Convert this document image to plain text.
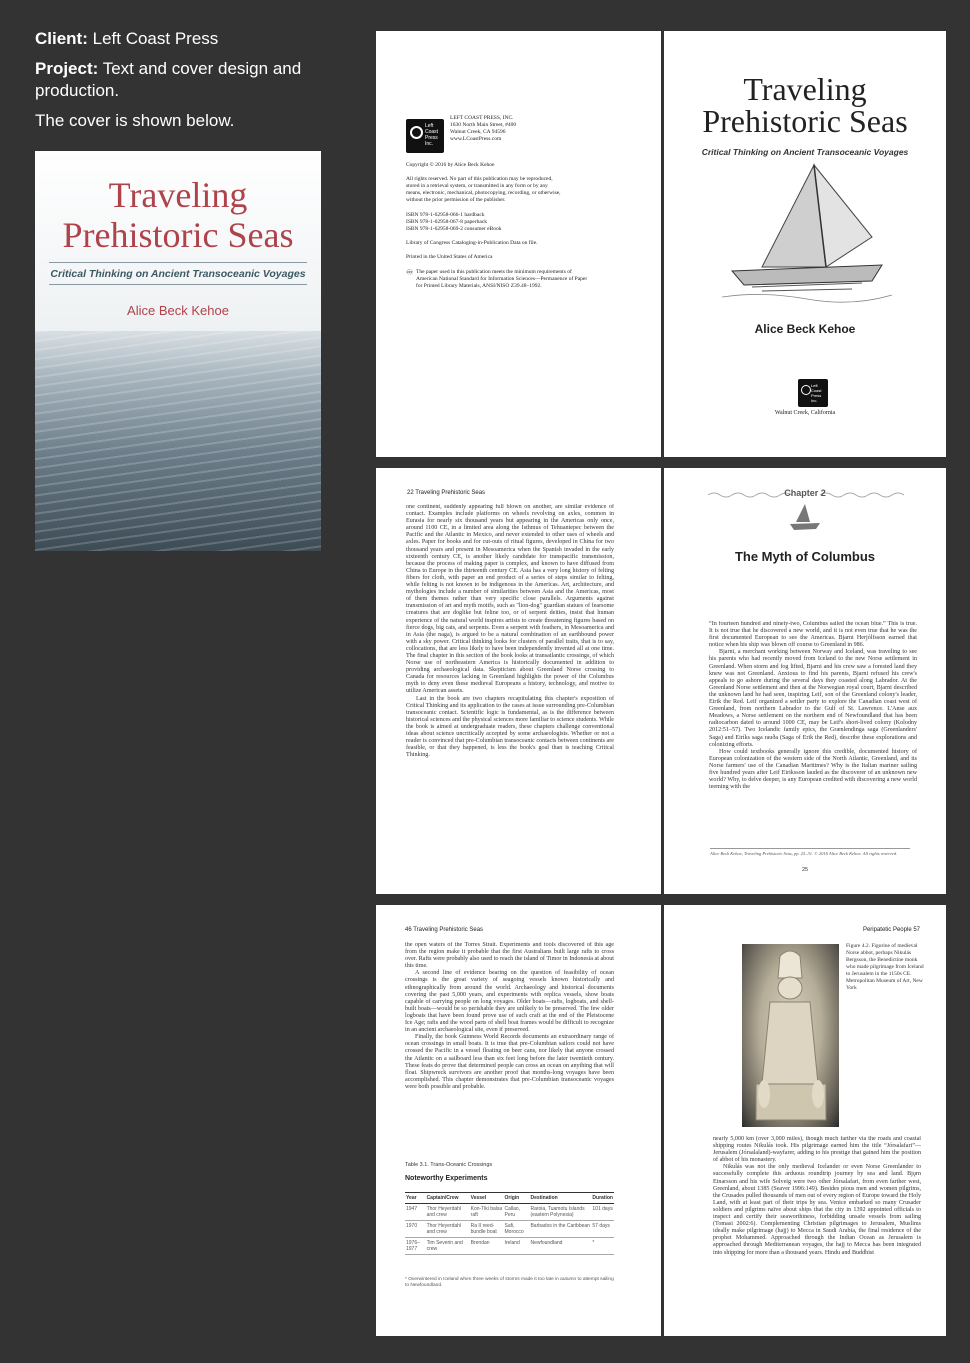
Client: Left Coast Press

Project: Text and cover design and production.

The cover is shown below.

Traveling
Prehistoric Seas
Critical Thinking on Ancient Transoceanic Voyages
Alice Beck Kehoe
Left Coast Press Inc.
LEFT COAST PRESS, INC.
1630 North Main Street, #400
Walnut Creek, CA 94596
www.LCoastPress.com
Copyright © 2016 by Alice Beck Kehoe
All rights reserved. No part of this publication may be reproduced,
stored in a retrieval system, or transmitted in any form or by any
means, electronic, mechanical, photocopying, recording, or otherwise,
without the prior permission of the publisher.
ISBN 978-1-62958-066-1 hardback
ISBN 978-1-62958-067-8 paperback
ISBN 978-1-62958-069-2 consumer eBook
Library of Congress Cataloging-in-Publication Data on file.
Printed in the United States of America
♾ The paper used in this publication meets the minimum requirements of
American National Standard for Information Sciences—Permanence of Paper
for Printed Library Materials, ANSI/NISO Z39.48–1992.
Traveling
Prehistoric Seas
Critical Thinking on Ancient Transoceanic Voyages
Alice Beck Kehoe
Left Coast Press Inc.
Walnut Creek, California
22 Traveling Prehistoric Seas

one continent, suddenly appearing full blown on another, are similar evidence of contact. Examples include platforms on wheels revolving on axles, common in Eurasia for nearly six thousand years but appearing in the Americas only once, around 1100 CE, in a limited area along the Isthmus of Tehuantepec between the Pacific and the Atlantic in Mexico, and never extended to other uses of wheels and axles. Paper for books and for cut-outs of ritual figures, developed in China for two thousand years and present in Mesoamerica when the Spanish invaded in the early sixteenth century CE, is another likely candidate for transpacific transmission, because the process of making paper is complex, and known to have diffused from China to Europe in the thirteenth century CE. Asia has a very long history of felting fibers for cloth, with paper an end product of a series of steps similar to felting, while felting is not known to be indigenous in the Americas. Art, architecture, and mythologies include a number of similarities between Asia and the Americas, most of them themes rather than very specific close parallels. Arguments against transmission of art and myth motifs, such as "lion-dog" guardian statues of fearsome creatures that are doglike but feline too, or of serpent deities, insist that human experience of the natural world inspires artists to create threatening figures based on fierce dogs, big cats, and serpents. Even a serpent with feathers, in Mesoamerica and in Asia (the naga), is argued to be a natural combination of an earthbound power with a sky power. Critical thinking looks for clusters of parallel traits, that is to say, collocations, that are less likely to have been independently invented all at one time. The final chapter in this section of the book looks at transatlantic crossings, of which Norse use of northeastern America is historically documented in addition to providing archaeological data. Skepticism about Greenland Norse crossing to Canada for resources lacking in Greenland highlights the power of the Columbus myth to deny even these medieval Europeans a history, technology, and motive to utilize American assets.

Last in the book are two chapters recapitulating this chapter's exposition of Critical Thinking and its application to the cases at issue surrounding pre-Columbian transoceanic contact. Scientific logic is fundamental, as is the difference between historical sciences and the physical sciences more familiar to science students. While the book is aimed at undergraduate readers, these chapters challenge conventional ideas about science uncritically accepted by some archaeologists. Whether or not a reader is convinced that pre-Columbian transoceanic contacts between continents are feasible, or that they happened, is less the book's goal than is teaching Critical Thinking.

Chapter 2
The Myth of Columbus

“In fourteen hundred and ninety-two, Columbus sailed the ocean blue.” This is true. It is not true that he discovered a new world, and it is not even true that he was the first documented European to see the Americas. Bjarni Herjólfsson earned that notice when his ship was blown off course to Greenland in 986.

Bjarni, a merchant working between Norway and Iceland, was traveling to see his parents who had recently moved from Iceland to the new Norse settlement in Greenland. When storm and fog lifted, Bjarni and his crew saw a forested land they knew was not Greenland. Anxious to find his parents, Bjarni refused his crew's appeals to go ashore during the several days they coasted along Labrador. At the Greenland Norse settlement and then at the Norwegian royal court, Bjarni described the unknown land he had seen, inspiring Leif, son of the Greenland colony's leader, Eirik the Red. Leif organized a settler party to explore the Canadian coast west of Greenland, from northern Labrador to the Gulf of St. Lawrence. L'Anse aux Meadows, a Norse settlement on the northern end of Newfoundland that has been radiocarbon dated to around 1000 CE, may be Leif's short-lived colony (Kolodny 2012:51–57). Two Icelandic family epics, the Grænlendinga saga (Greenlanders' Saga) and Eiríks saga rauða (Saga of Erik the Red), describe these explorations and colonizing efforts.

How could textbooks generally ignore this credible, documented history of European colonization of the western side of the North Atlantic, Greenland, and its Norse farmers' use of the Canadian Maritimes? Why is the Italian mariner sailing five hundred years after Leif Eiriksson lauded as the discoverer of an unknown new world? Why, to delve deeper, is any European credited with discovering a new world teeming with the

Alice Beck Kehoe, Traveling Prehistoric Seas, pp. 25–31. © 2016 Alice Beck Kehoe. All rights reserved.
25
46 Traveling Prehistoric Seas

the open waters of the Torres Strait. Experiments and tools discovered of this age from the region make it probable that the first Australians built large rafts to cross over. Rafts were probably also used to reach the island of Timor in Indonesia at about this time.

A second line of evidence bearing on the question of feasibility of ocean crossings is the great variety of seagoing vessels known historically and ethnographically from around the world. Archaeology and historical documents covering the past 5,000 years, and experiments with replica vessels, show boats capable of carrying people on long voyages. Older boats—rafts, logboats, and shell-built boats—would be so perishable they are unlikely to be preserved. The few older logboats that have been found prove use of such craft at the end of the Pleistocene Ice Age; rafts and the wood parts of shell boat frames would be difficult to recognize in an ancient archaeological site, even if preserved.

Finally, the book Guinness World Records documents an extraordinary range of ocean crossings in small boats. It is true that pre-Columbian sailors could not have crossed the Pacific in a vessel floating on beer cans, nor likely that anyone crossed the Atlantic on a sailboard less than six feet long before the later twentieth century. These feats do prove that determined people can cross an ocean on anything that will float. Shipwreck survivors are another proof that months-long voyages have been accomplished. This chapter demonstrates that pre-Columbian transoceanic voyages were both possible and probable.

Table 3.1. Trans-Oceanic Crossings
Noteworthy Experiments
Year	Captain/Crew	Vessel	Origin	Destination	Duration
1947	Thor Heyerdahl and crew	Kon-Tiki balsa raft	Callao, Peru	Raroia, Tuamotu Islands (eastern Polynesia)	101 days
1970	Thor Heyerdahl and crew	Ra II reed-bundle boat	Safi, Morocco	Barbados in the Caribbean	57 days
1976–1977	Tim Severin and crew	Brendan	Ireland	Newfoundland	*
* Overwintered in Iceland when three weeks of storms made it too late in autumn to attempt sailing to Newfoundland.
Peripatetic People 57
Figure 4.2. Figurine of medieval Norse abbot, perhaps Nikulás Bergsson, the Benedictine monk who made pilgrimage from Iceland to Jerusalem in the 1150s CE. Metropolitan Museum of Art, New York

nearly 5,000 km (over 3,000 miles), though much farther via the roads and coastal shipping routes Nikulás took. His pilgrimage earned him the title “Jórsalafari”—Jerusalem (Jórsalaland)-wayfarer, adding to his prestige that gained him the position of abbot of his monastery.

Nikulás was not the only medieval Icelander or even Norse Greenlander to successfully complete this arduous roundtrip journey by sea and land. Bjǫrn Einarsson and his wife Solveig were two other Jórsalafari, from even farther west, Greenland, about 1385 (Seaver 1996:149). Besides pious men and women pilgrims, the Crusades pulled thousands of men out of every region of Europe toward the Holy Land, with at least part of their trips by sea. Venice embarked so many Crusader soldiers and pilgrims naïve about ships that the city in 1392 appointed officials to inspect and certify their seaworthiness, forbidding unsafe vessels from sailing (Tomasi 2002:6). Complementing Christian pilgrimages to Jerusalem, Muslims ideally make pilgrimage (hajj) to Mecca in Saudi Arabia, the final residence of the prophet Mohammed. Approached through the Indian Ocean as Jerusalem is approached through Mediterranean voyages, the hajj to Mecca has been integrated into shipping for more than a thousand years. Hindu and Buddhist
